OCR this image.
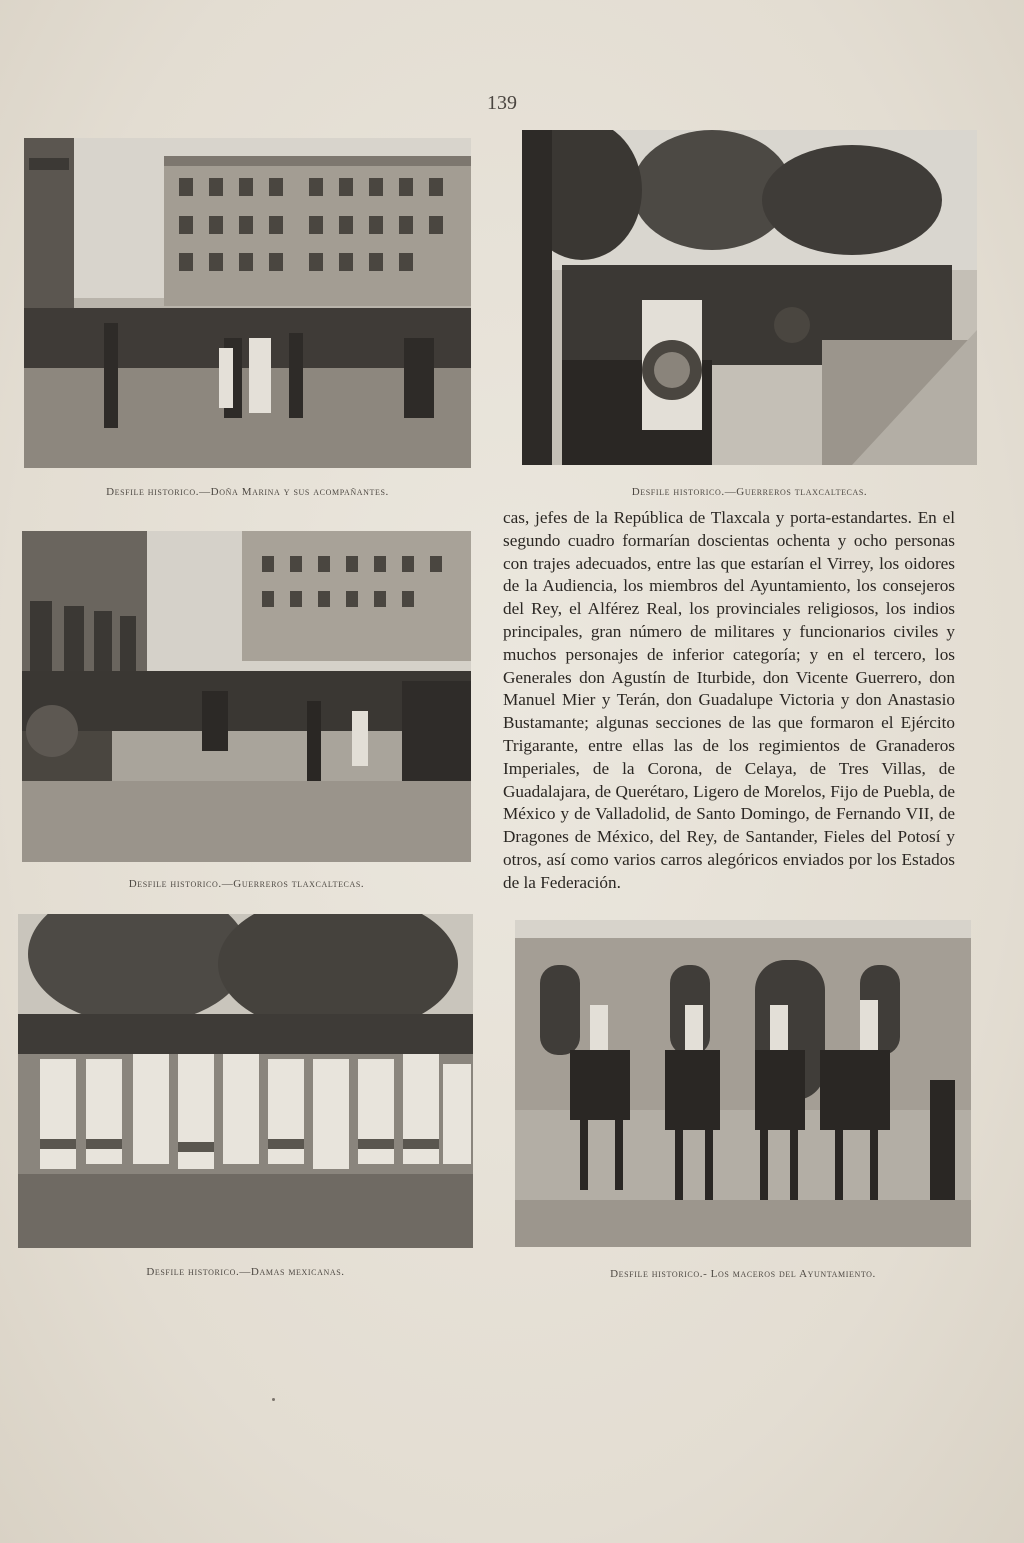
139
Desfile historico.—Doña Marina y sus acompañantes.	Desfile historico.—Guerreros tlaxcaltecas.
Desfile historico.—Guerreros tlaxcaltecas.

cas, jefes de la República de Tlaxcala y porta-estandartes. En el segundo cuadro formarían doscientas ochenta y ocho personas con trajes adecuados, entre las que estarían el Virrey, los oidores de la Audiencia, los miembros del Ayuntamiento, los consejeros del Rey, el Alférez Real, los provinciales religiosos, los indios principales, gran número de militares y funcionarios civiles y muchos personajes de inferior categoría; y en el tercero, los Generales don Agustín de Iturbide, don Vicente Guerrero, don Manuel Mier y Terán, don Guadalupe Victoria y don Anastasio Bustamante; algunas secciones de las que formaron el Ejército Trigarante, entre ellas las de los regimientos de Granaderos Imperiales, de la Corona, de Celaya, de Tres Villas, de Guadalajara, de Querétaro, Ligero de Morelos, Fijo de Puebla, de México y de Valladolid, de Santo Domingo, de Fernando VII, de Dragones de México, del Rey, de Santander, Fieles del Potosí y otros, así como varios carros alegóricos enviados por los Estados de la Federación.

Desfile historico.—Damas mexicanas.	Desfile historico.- Los maceros del Ayuntamiento.
